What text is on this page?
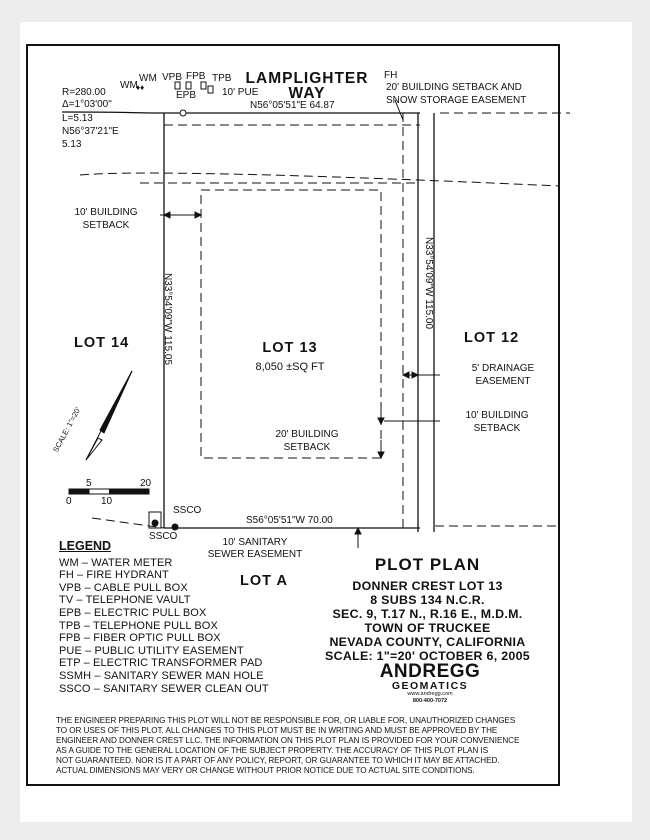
♦♦
WM
WM
VPB FPB TPB
EPB	10' PUE
FH
LAMPLIGHTER
WAY
R=280.00
Δ=1°03'00"
L=5.13
N56°37'21"E
5.13
N56°05'51"E 64.87
S56°05'51"W 70.00
N33°54'09"W 115.05	N33°54'09"W 115.00
20' BUILDING SETBACK AND
SNOW STORAGE EASEMENT
10' BUILDING
SETBACK
5' DRAINAGE
EASEMENT
10' BUILDING
SETBACK
20' BUILDING
SETBACK
10' SANITARY
SEWER EASEMENT
SSCO
SSCO
LOT 14	LOT 13
8,050 ±SQ FT
LOT 12
LOT A
SCALE: 1"=20'
0
5
10
20
LEGEND
WM – WATER METER
FH – FIRE HYDRANT
VPB – CABLE PULL BOX
TV – TELEPHONE VAULT
EPB – ELECTRIC PULL BOX
TPB – TELEPHONE PULL BOX
FPB – FIBER OPTIC PULL BOX
PUE – PUBLIC UTILITY EASEMENT
ETP – ELECTRIC TRANSFORMER PAD
SSMH – SANITARY SEWER MAN HOLE
SSCO – SANITARY SEWER CLEAN OUT
PLOT PLAN
DONNER CREST LOT 13
8 SUBS 134 N.C.R.
SEC. 9, T.17 N., R.16 E., M.D.M.
TOWN OF TRUCKEE
NEVADA COUNTY, CALIFORNIA
SCALE: 1"=20' OCTOBER 6, 2005
ANDREGG
GEOMATICS
www.andregg.com
800-400-7072
THE ENGINEER PREPARING THIS PLOT WILL NOT BE RESPONSIBLE FOR, OR LIABLE FOR, UNAUTHORIZED CHANGES
TO OR USES OF THIS PLOT. ALL CHANGES TO THIS PLOT MUST BE IN WRITING AND MUST BE APPROVED BY THE
ENGINEER AND DONNER CREST LLC. THE INFORMATION ON THIS PLOT PLAN IS PROVIDED FOR YOUR CONVENIENCE
AS A GUIDE TO THE GENERAL LOCATION OF THE SUBJECT PROPERTY. THE ACCURACY OF THIS PLOT PLAN IS
NOT GUARANTEED. NOR IS IT A PART OF ANY POLICY, REPORT, OR GUARANTEE TO WHICH IT MAY BE ATTACHED.
ACTUAL DIMENSIONS MAY VERY OR CHANGE WITHOUT PRIOR NOTICE DUE TO ACTUAL SITE CONDITIONS.
